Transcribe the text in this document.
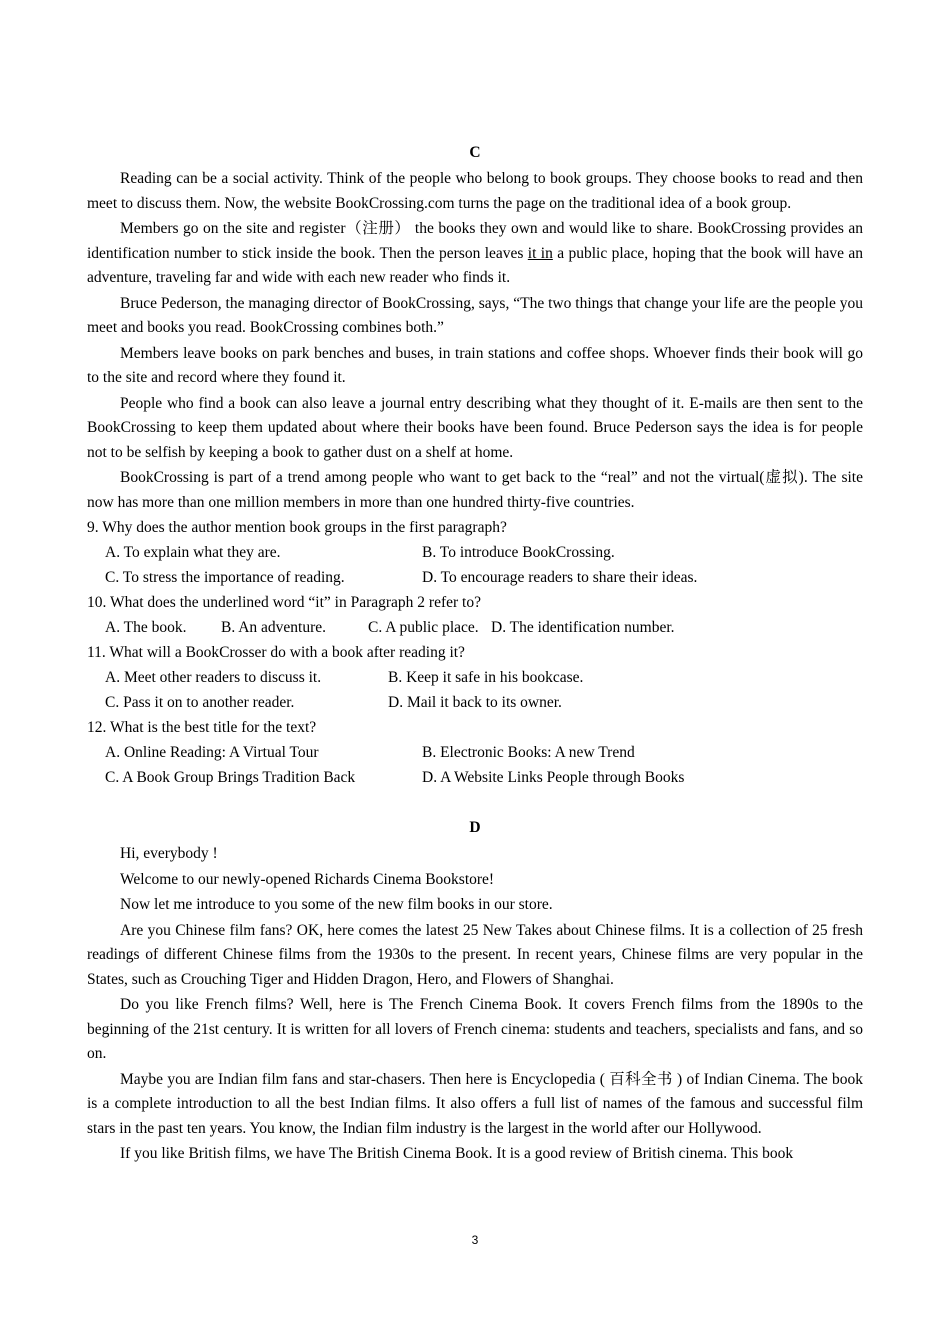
C

Reading can be a social activity. Think of the people who belong to book groups. They choose books to read and then meet to discuss them. Now, the website BookCrossing.com turns the page on the traditional idea of a book group.

Members go on the site and register（注册） the books they own and would like to share. BookCrossing provides an identification number to stick inside the book. Then the person leaves it in a public place, hoping that the book will have an adventure, traveling far and wide with each new reader who finds it.

Bruce Pederson, the managing director of BookCrossing, says, “The two things that change your life are the people you meet and books you read. BookCrossing combines both.”

Members leave books on park benches and buses, in train stations and coffee shops. Whoever finds their book will go to the site and record where they found it.

People who find a book can also leave a journal entry describing what they thought of it. E-mails are then sent to the BookCrossing to keep them updated about where their books have been found. Bruce Pederson says the idea is for people not to be selfish by keeping a book to gather dust on a shelf at home.

BookCrossing is part of a trend among people who want to get back to the “real” and not the virtual(虚拟). The site now has more than one million members in more than one hundred thirty-five countries.

9. Why does the author mention book groups in the first paragraph?
A. To explain what they are.	B. To introduce BookCrossing.
C. To stress the importance of reading.	D. To encourage readers to share their ideas.
10. What does the underlined word “it” in Paragraph 2 refer to?
A. The book. B. An adventure.	C. A public place. D. The identification number.
11. What will a BookCrosser do with a book after reading it?
A. Meet other readers to discuss it.	B. Keep it safe in his bookcase.
C. Pass it on to another reader.	D. Mail it back to its owner.
12. What is the best title for the text?
A. Online Reading: A Virtual Tour	B. Electronic Books: A new Trend
C. A Book Group Brings Tradition Back	D. A Website Links People through Books
D

Hi, everybody !

Welcome to our newly-opened Richards Cinema Bookstore!

Now let me introduce to you some of the new film books in our store.

Are you Chinese film fans? OK, here comes the latest 25 New Takes about Chinese films. It is a collection of 25 fresh readings of different Chinese films from the 1930s to the present. In recent years, Chinese films are very popular in the States, such as Crouching Tiger and Hidden Dragon, Hero, and Flowers of Shanghai.

Do you like French films? Well, here is The French Cinema Book. It covers French films from the 1890s to the beginning of the 21st century. It is written for all lovers of French cinema: students and teachers, specialists and fans, and so on.

Maybe you are Indian film fans and star-chasers. Then here is Encyclopedia ( 百科全书 ) of Indian Cinema. The book is a complete introduction to all the best Indian films. It also offers a full list of names of the famous and successful film stars in the past ten years. You know, the Indian film industry is the largest in the world after our Hollywood.

If you like British films, we have The British Cinema Book. It is a good review of British cinema. This book

3
